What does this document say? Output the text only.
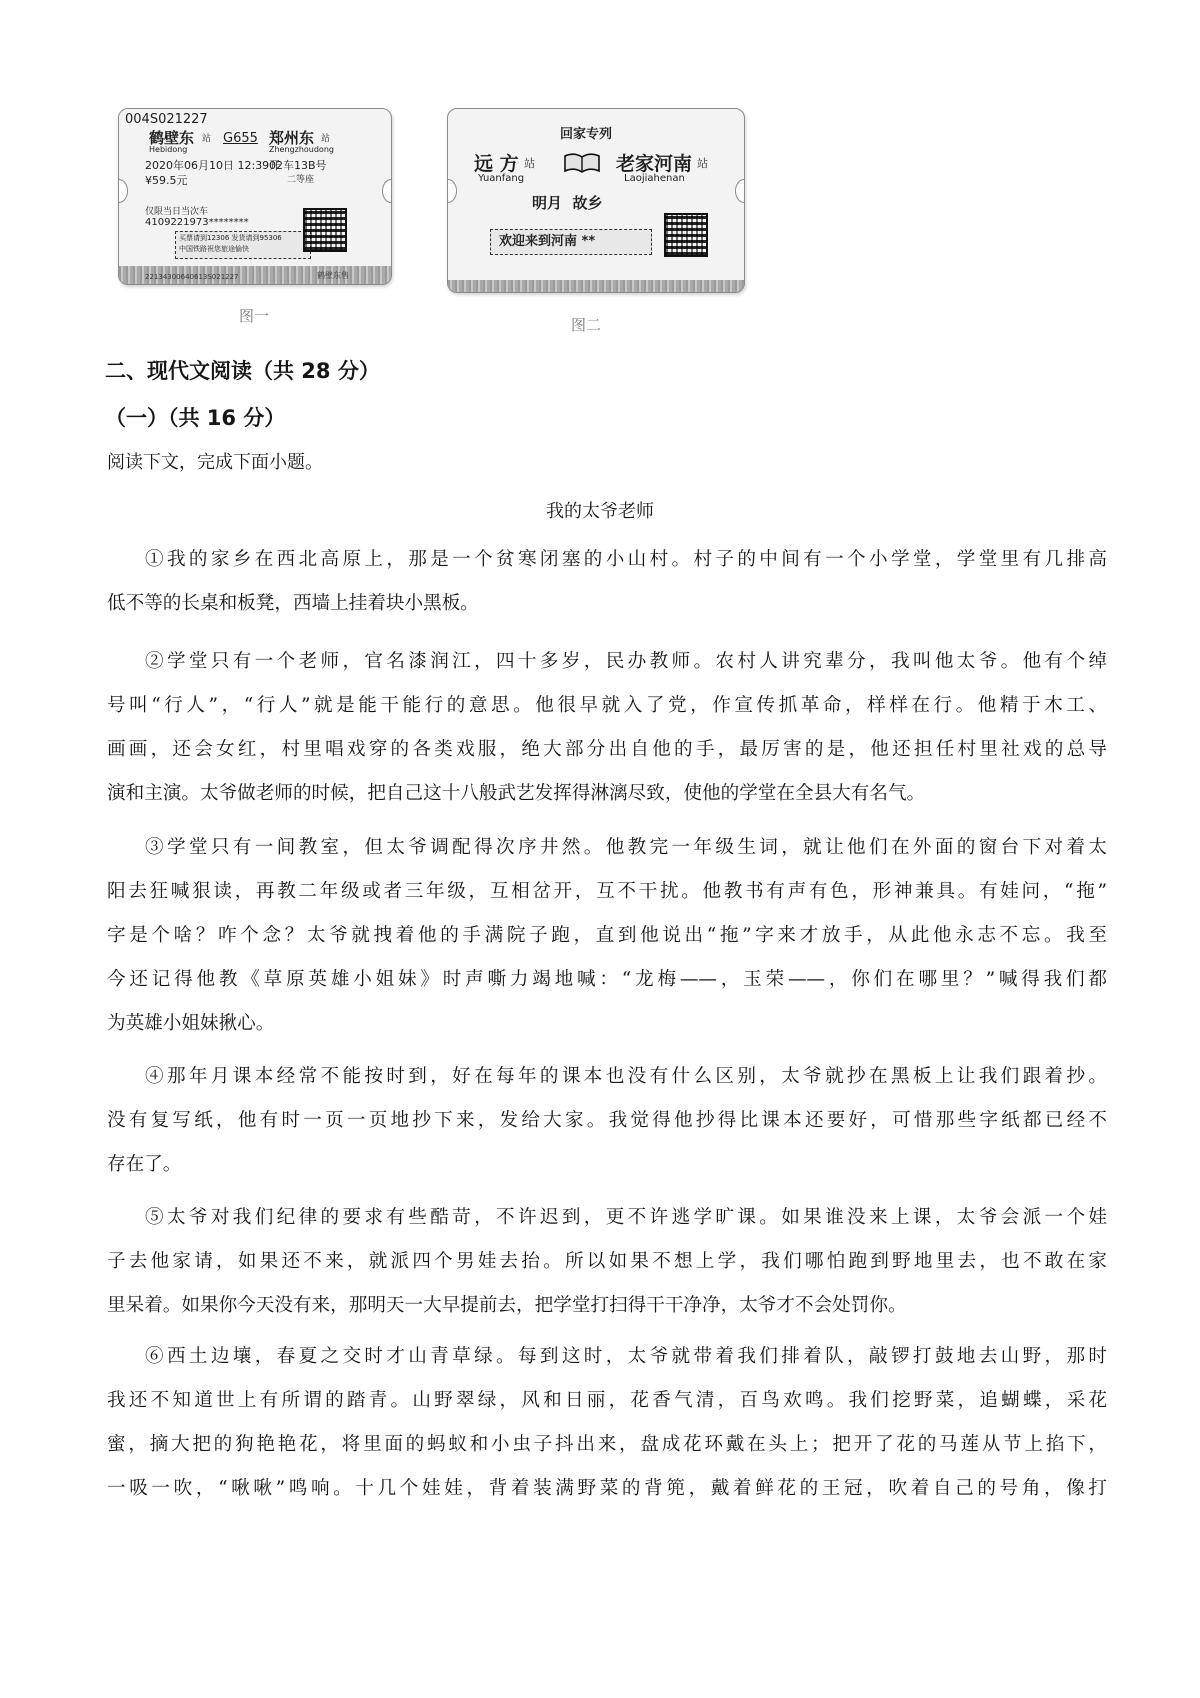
004S021227
鹤壁东 站
Hebidong
G655 郑州东 站
Zhengzhoudong
2020年06月10日 12:39开
02车13B号
¥59.5元	二等座
仅限当日当次车
4109221973********
买票请到12306 发货请到95306
中国铁路祝您旅途愉快
22134300640613S021227	鹤壁东售
图一
回家专列
远 方 站
Yuanfang
老家河南 站
Laojiahenan
明月  故乡
欢迎来到河南 **
图二
二、现代文阅读（共 28 分）
（一）（共 16 分）
阅读下文，完成下面小题。
我的太爷老师
①我的家乡在西北高原上，那是一个贫寒闭塞的小山村。村子的中间有一个小学堂，学堂里有几排高
低不等的长桌和板凳，西墙上挂着块小黑板。
②学堂只有一个老师，官名漆润江，四十多岁，民办教师。农村人讲究辈分，我叫他太爷。他有个绰
号叫“行人”，“行人”就是能干能行的意思。他很早就入了党，作宣传抓革命，样样在行。他精于木工、
画画，还会女红，村里唱戏穿的各类戏服，绝大部分出自他的手，最厉害的是，他还担任村里社戏的总导
演和主演。太爷做老师的时候，把自己这十八般武艺发挥得淋漓尽致，使他的学堂在全县大有名气。
③学堂只有一间教室，但太爷调配得次序井然。他教完一年级生词，就让他们在外面的窗台下对着太
阳去狂喊狠读，再教二年级或者三年级，互相岔开，互不干扰。他教书有声有色，形神兼具。有娃问，“拖”
字是个啥？咋个念？太爷就拽着他的手满院子跑，直到他说出“拖”字来才放手，从此他永志不忘。我至
今还记得他教《草原英雄小姐妹》时声嘶力竭地喊：“龙梅——，玉荣——，你们在哪里？”喊得我们都
为英雄小姐妹揪心。
④那年月课本经常不能按时到，好在每年的课本也没有什么区别，太爷就抄在黑板上让我们跟着抄。
没有复写纸，他有时一页一页地抄下来，发给大家。我觉得他抄得比课本还要好，可惜那些字纸都已经不
存在了。
⑤太爷对我们纪律的要求有些酷苛，不许迟到，更不许逃学旷课。如果谁没来上课，太爷会派一个娃
子去他家请，如果还不来，就派四个男娃去抬。所以如果不想上学，我们哪怕跑到野地里去，也不敢在家
里呆着。如果你今天没有来，那明天一大早提前去，把学堂打扫得干干净净，太爷才不会处罚你。
⑥西土边壤，春夏之交时才山青草绿。每到这时，太爷就带着我们排着队，敲锣打鼓地去山野，那时
我还不知道世上有所谓的踏青。山野翠绿，风和日丽，花香气清，百鸟欢鸣。我们挖野菜，追蝴蝶，采花
蜜，摘大把的狗艳艳花，将里面的蚂蚁和小虫子抖出来，盘成花环戴在头上；把开了花的马莲从节上掐下，
一吸一吹，“啾啾”鸣响。十几个娃娃，背着装满野菜的背篼，戴着鲜花的王冠，吹着自己的号角，像打
